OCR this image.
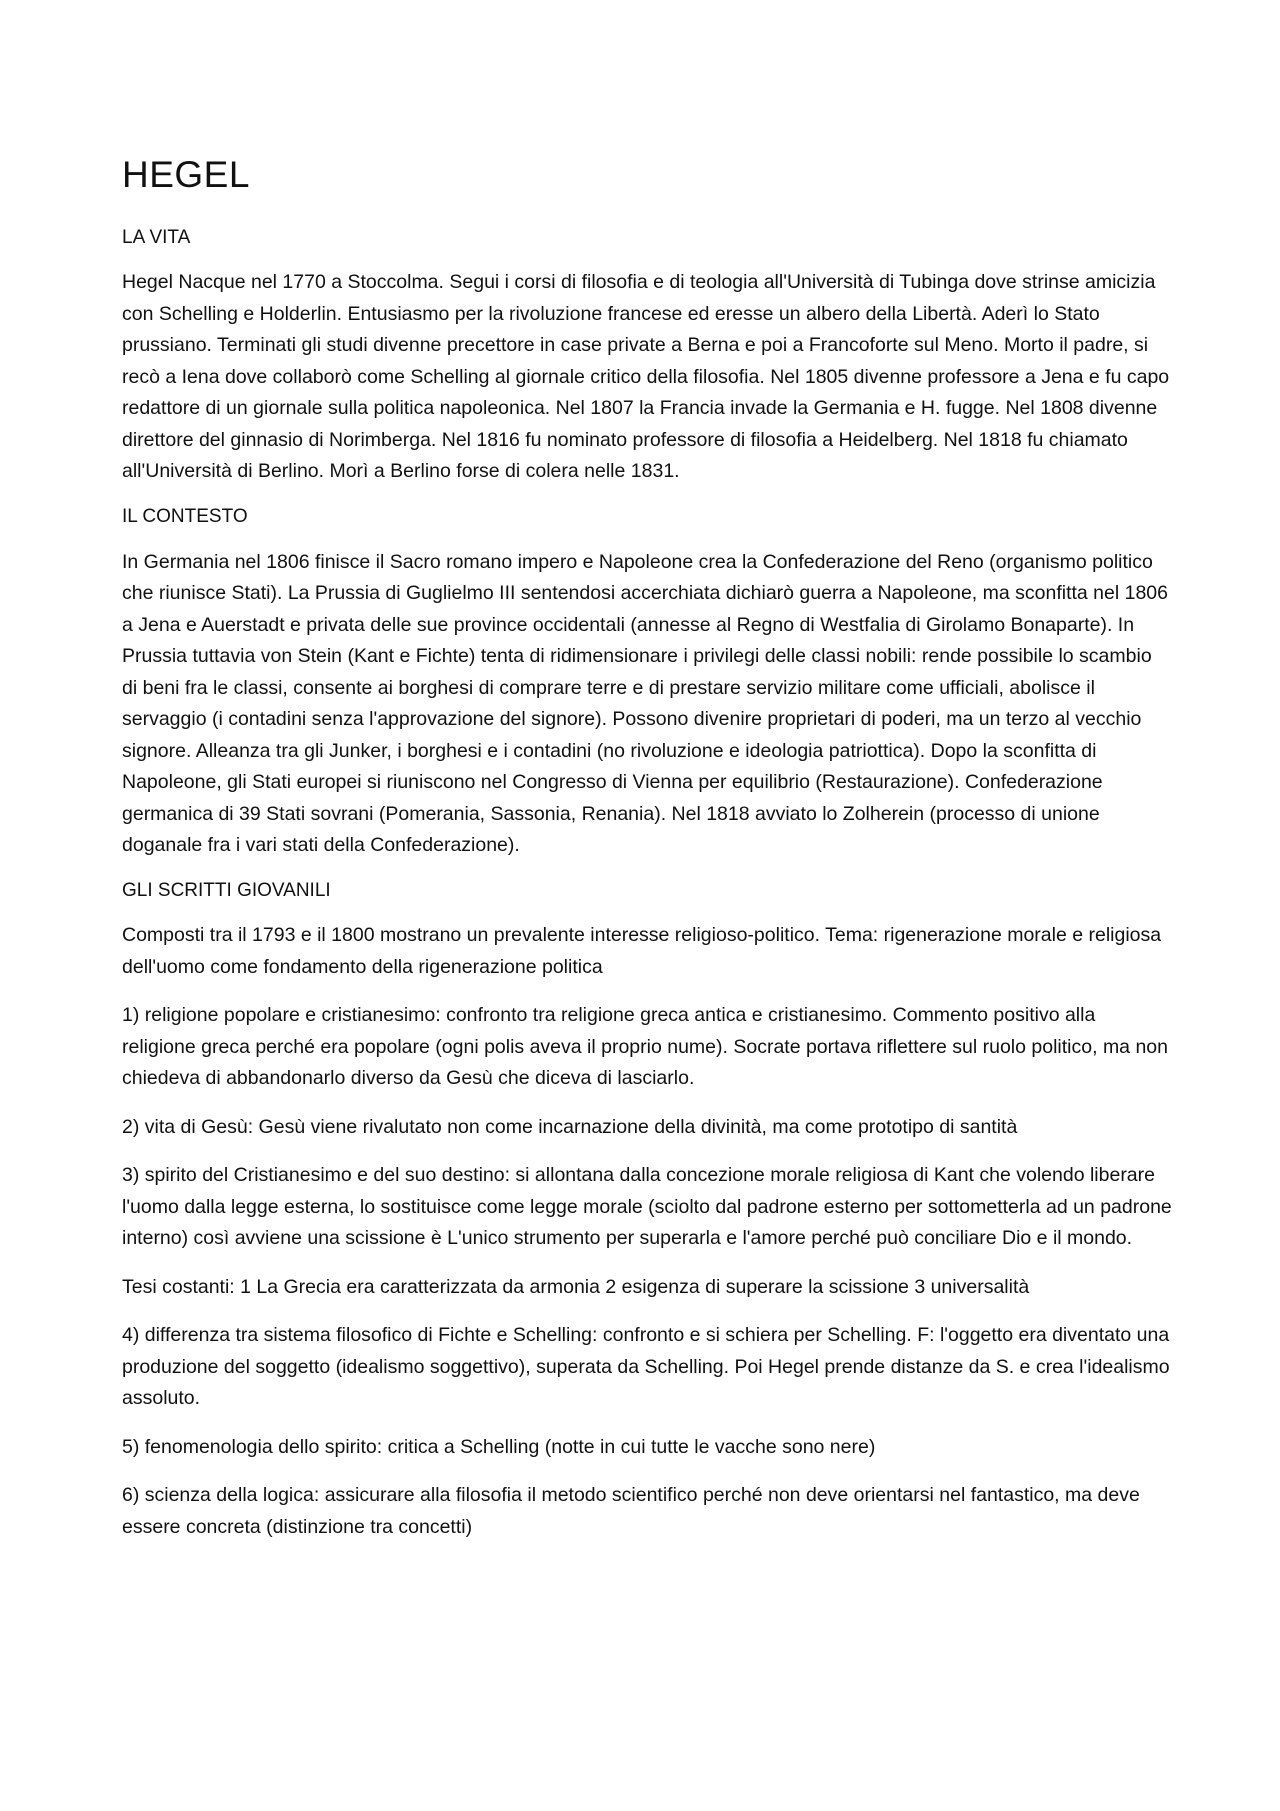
HEGEL
LA VITA

Hegel Nacque nel 1770 a Stoccolma. Segui i corsi di filosofia e di teologia all'Università di Tubinga dove strinse amicizia con Schelling e Holderlin. Entusiasmo per la rivoluzione francese ed eresse un albero della Libertà. Aderì lo Stato prussiano. Terminati gli studi divenne precettore in case private a Berna e poi a Francoforte sul Meno. Morto il padre, si recò a Iena dove collaborò come Schelling al giornale critico della filosofia. Nel 1805 divenne professore a Jena e fu capo redattore di un giornale sulla politica napoleonica. Nel 1807 la Francia invade la Germania e H. fugge. Nel 1808 divenne direttore del ginnasio di Norimberga. Nel 1816 fu nominato professore di filosofia a Heidelberg. Nel 1818 fu chiamato all'Università di Berlino. Morì a Berlino forse di colera nelle 1831.

IL CONTESTO

In Germania nel 1806 finisce il Sacro romano impero e Napoleone crea la Confederazione del Reno (organismo politico che riunisce Stati). La Prussia di Guglielmo III sentendosi accerchiata dichiarò guerra a Napoleone, ma sconfitta nel 1806 a Jena e Auerstadt e privata delle sue province occidentali (annesse al Regno di Westfalia di Girolamo Bonaparte). In Prussia tuttavia von Stein (Kant e Fichte) tenta di ridimensionare i privilegi delle classi nobili: rende possibile lo scambio di beni fra le classi, consente ai borghesi di comprare terre e di prestare servizio militare come ufficiali, abolisce il servaggio (i contadini senza l'approvazione del signore). Possono divenire proprietari di poderi, ma un terzo al vecchio signore. Alleanza tra gli Junker, i borghesi e i contadini (no rivoluzione e ideologia patriottica). Dopo la sconfitta di Napoleone, gli Stati europei si riuniscono nel Congresso di Vienna per equilibrio (Restaurazione). Confederazione germanica di 39 Stati sovrani (Pomerania, Sassonia, Renania). Nel 1818 avviato lo Zolherein (processo di unione doganale fra i vari stati della Confederazione).

GLI SCRITTI GIOVANILI

Composti tra il 1793 e il 1800 mostrano un prevalente interesse religioso-politico. Tema: rigenerazione morale e religiosa dell'uomo come fondamento della rigenerazione politica

1) religione popolare e cristianesimo: confronto tra religione greca antica e cristianesimo. Commento positivo alla religione greca perché era popolare (ogni polis aveva il proprio nume). Socrate portava riflettere sul ruolo politico, ma non chiedeva di abbandonarlo diverso da Gesù che diceva di lasciarlo.

2) vita di Gesù: Gesù viene rivalutato non come incarnazione della divinità, ma come prototipo di santità

3) spirito del Cristianesimo e del suo destino: si allontana dalla concezione morale religiosa di Kant che volendo liberare l'uomo dalla legge esterna, lo sostituisce come legge morale (sciolto dal padrone esterno per sottometterla ad un padrone interno) così avviene una scissione è L'unico strumento per superarla e l'amore perché può conciliare Dio e il mondo.

Tesi costanti: 1 La Grecia era caratterizzata da armonia 2 esigenza di superare la scissione 3 universalità

4) differenza tra sistema filosofico di Fichte e Schelling: confronto e si schiera per Schelling. F: l'oggetto era diventato una produzione del soggetto (idealismo soggettivo), superata da Schelling. Poi Hegel prende distanze da S. e crea l'idealismo assoluto.

5) fenomenologia dello spirito: critica a Schelling (notte in cui tutte le vacche sono nere)

6) scienza della logica: assicurare alla filosofia il metodo scientifico perché non deve orientarsi nel fantastico, ma deve essere concreta (distinzione tra concetti)
